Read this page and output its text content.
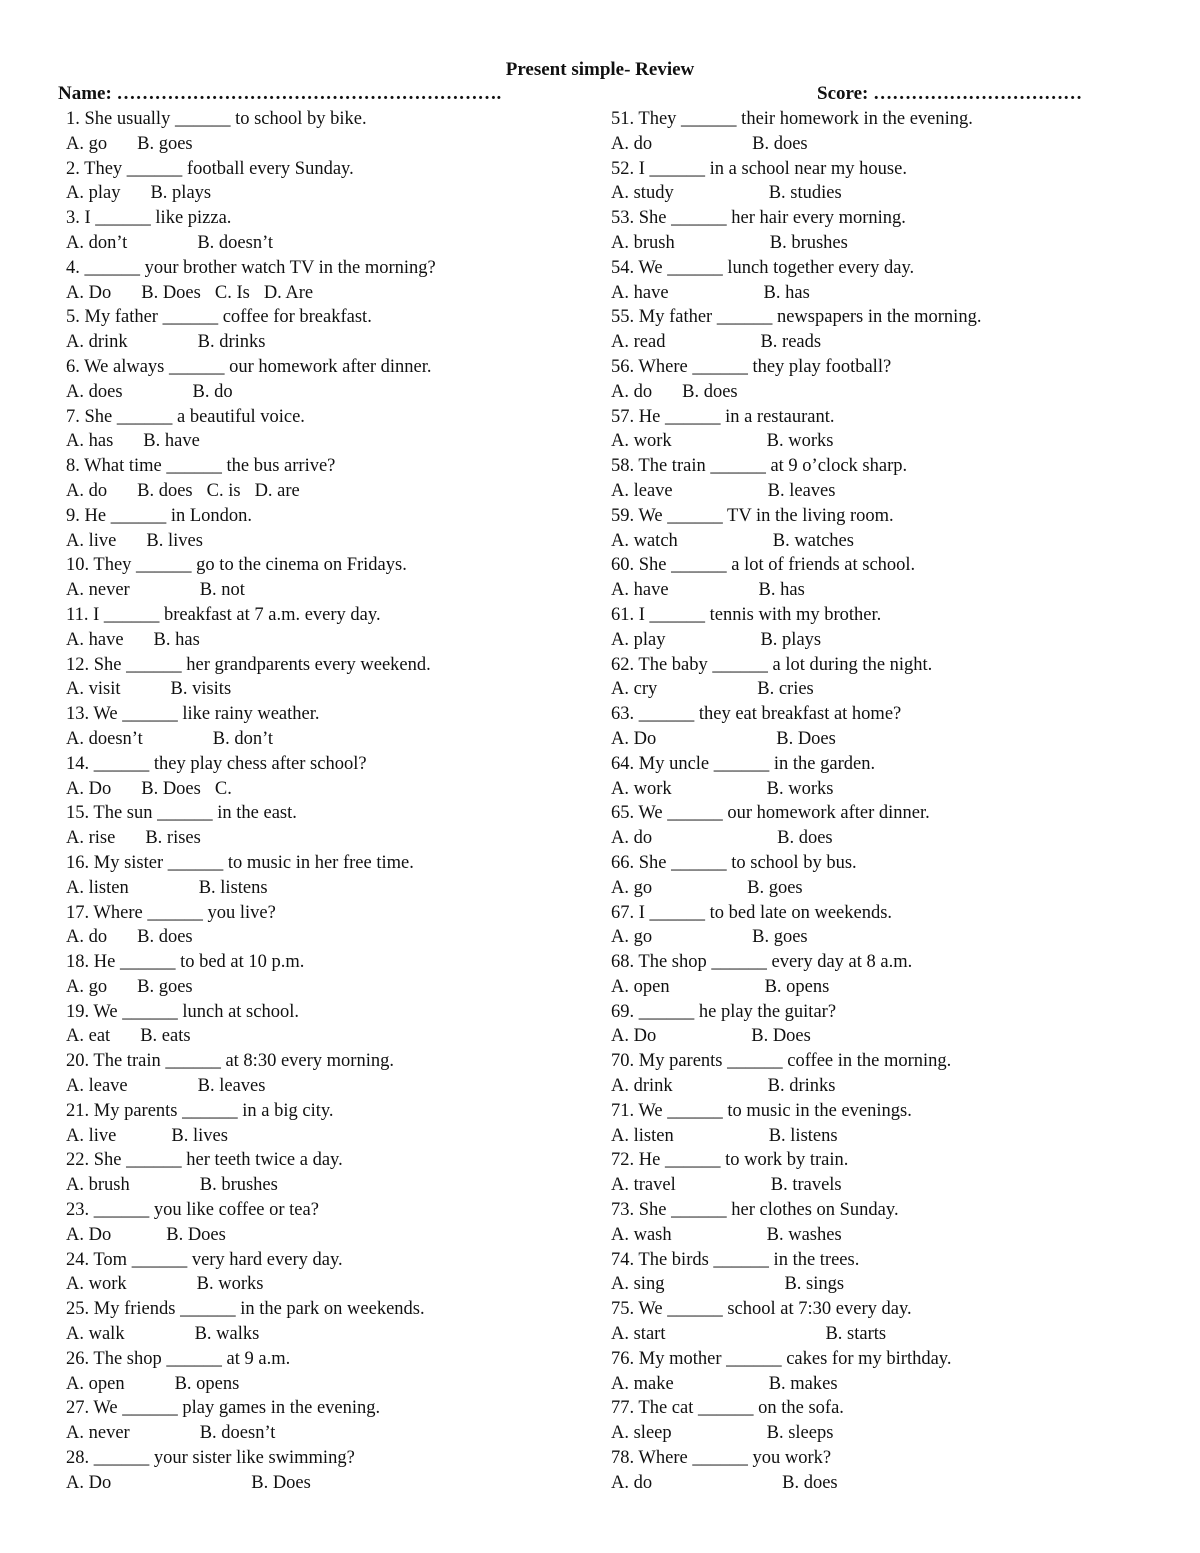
Present simple- Review
Name: …………………………………………………….	Score: ……………………………
1. She usually ______ to school by bike.
A. go B. goes
2. They ______ football every Sunday.
A. play B. plays
3. I ______ like pizza.
A. don’t	B. doesn’t
4. ______ your brother watch TV in the morning?
A. Do B. Does C. Is D. Are
5. My father ______ coffee for breakfast.
A. drink	B. drinks
6. We always ______ our homework after dinner.
A. does	B. do
7. She ______ a beautiful voice.
A. has B. have
8. What time ______ the bus arrive?
A. do B. does C. is D. are
9. He ______ in London.
A. live B. lives
10. They ______ go to the cinema on Fridays.
A. never	B. not
11. I ______ breakfast at 7 a.m. every day.
A. have B. has
12. She ______ her grandparents every weekend.
A. visit	B. visits
13. We ______ like rainy weather.
A. doesn’t	B. don’t
14. ______ they play chess after school?
A. Do B. Does C.
15. The sun ______ in the east.
A. rise B. rises
16. My sister ______ to music in her free time.
A. listen	B. listens
17. Where ______ you live?
A. do B. does
18. He ______ to bed at 10 p.m.
A. go B. goes
19. We ______ lunch at school.
A. eat B. eats
20. The train ______ at 8:30 every morning.
A. leave	B. leaves
21. My parents ______ in a big city.
A. live	B. lives
22. She ______ her teeth twice a day.
A. brush	B. brushes
23. ______ you like coffee or tea?
A. Do	B. Does
24. Tom ______ very hard every day.
A. work	B. works
25. My friends ______ in the park on weekends.
A. walk	B. walks
26. The shop ______ at 9 a.m.
A. open	B. opens
27. We ______ play games in the evening.
A. never	B. doesn’t
28. ______ your sister like swimming?
A. Do	B. Does
51. They ______ their homework in the evening.
A. do	B. does
52. I ______ in a school near my house.
A. study	B. studies
53. She ______ her hair every morning.
A. brush	B. brushes
54. We ______ lunch together every day.
A. have	B. has
55. My father ______ newspapers in the morning.
A. read	B. reads
56. Where ______ they play football?
A. do B. does
57. He ______ in a restaurant.
A. work	B. works
58. The train ______ at 9 o’clock sharp.
A. leave	B. leaves
59. We ______ TV in the living room.
A. watch	B. watches
60. She ______ a lot of friends at school.
A. have	B. has
61. I ______ tennis with my brother.
A. play	B. plays
62. The baby ______ a lot during the night.
A. cry	B. cries
63. ______ they eat breakfast at home?
A. Do	B. Does
64. My uncle ______ in the garden.
A. work	B. works
65. We ______ our homework after dinner.
A. do	B. does
66. She ______ to school by bus.
A. go	B. goes
67. I ______ to bed late on weekends.
A. go	B. goes
68. The shop ______ every day at 8 a.m.
A. open	B. opens
69. ______ he play the guitar?
A. Do	B. Does
70. My parents ______ coffee in the morning.
A. drink	B. drinks
71. We ______ to music in the evenings.
A. listen	B. listens
72. He ______ to work by train.
A. travel	B. travels
73. She ______ her clothes on Sunday.
A. wash	B. washes
74. The birds ______ in the trees.
A. sing	B. sings
75. We ______ school at 7:30 every day.
A. start	B. starts
76. My mother ______ cakes for my birthday.
A. make	B. makes
77. The cat ______ on the sofa.
A. sleep	B. sleeps
78. Where ______ you work?
A. do	B. does
